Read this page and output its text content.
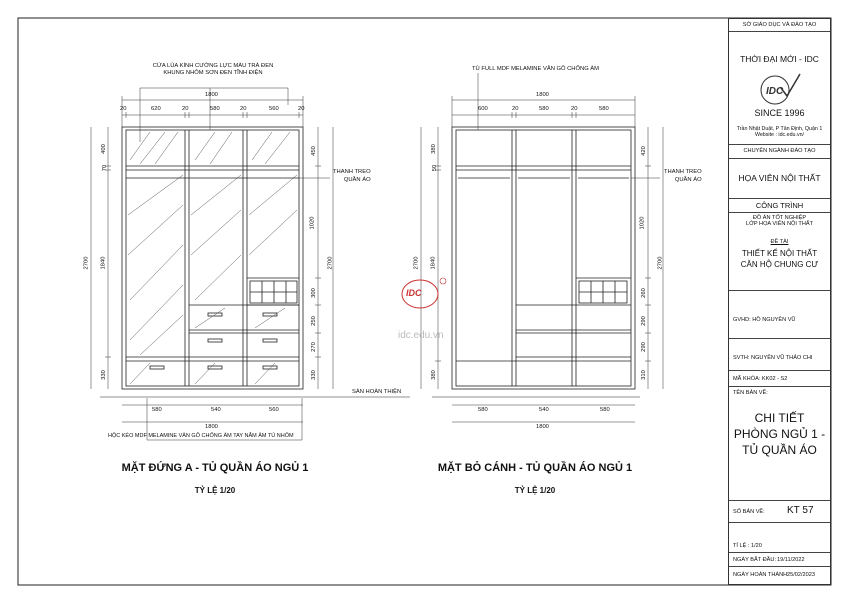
CỬA LÙA KÍNH CƯỜNG LỰC MÀU TRÀ ĐEN
KHUNG NHÔM SƠN ĐEN TĨNH ĐIỆN
1800
20	620	20	580	20	560	20
2700
400
70
1840
330
450
1020
300
250
270
330
2700
THANH TREO
QUẦN ÁO
SÀN HOÀN THIỆN
580	540	560
1800
HỘC KÉO MDF MELAMINE VÂN GỖ CHỐNG ẨM TAY NẮM ÂM TỦ NHÔM
MẶT ĐỨNG A - TỦ QUẦN ÁO NGỦ 1
TỶ LỆ 1/20
TỦ FULL MDF MELAMINE VÂN GỖ CHỐNG ẨM
1800
600	20	580	20	580
2700
380
50
1840
380
420
1020
260
290
290
310
2700
THANH TREO
QUẦN ÁO
580	540	580
1800
MẶT BỎ CÁNH - TỦ QUẦN ÁO NGỦ 1
TỶ LỆ 1/20
IDC
idc.edu.vn
SỞ GIÁO DỤC VÀ ĐÀO TẠO
THỜI ĐẠI MỚI - IDC
IDC
SINCE 1996
Trần Nhật Duật, P Tân Định, Quận 1
Website : idc.edu.vn/
CHUYÊN NGÀNH ĐÀO TẠO
HỌA VIÊN NỘI THẤT
CÔNG TRÌNH
ĐỒ ÁN TỐT NGHIỆP
LỚP HỌA VIÊN NỘI THẤT
ĐỀ TÀI
THIẾT KẾ NỘI THẤT CĂN HỘ CHUNG CƯ
GVHD: HỒ NGUYÊN VŨ
SVTH: NGUYỄN VŨ THẢO CHI
MÃ KHÓA: KK02 - S2
TÊN BẢN VẼ:
CHI TIẾT PHÒNG NGỦ 1 - TỦ QUẦN ÁO
SỐ BẢN VẼ: KT 57
TỈ LỆ : 1/20
NGÀY BẮT ĐẦU: 19/11/2022
NGÀY HOÀN THÀNH:
25/02/2023
